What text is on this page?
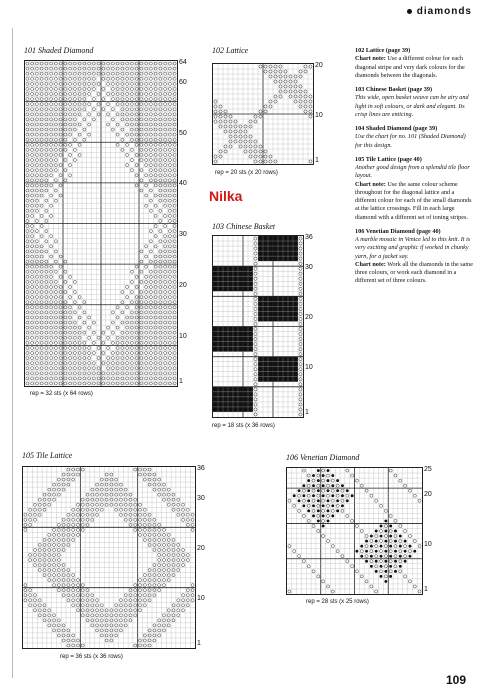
diamonds
101 Shaded Diamond
rep = 32 sts (x 64 rows)
102 Lattice
rep = 20 sts (x 20 rows)
Nilka
103 Chinese Basket
rep = 18 sts (x 36 rows)

102 Lattice (page 39)
Chart note: Use a different colour for each diagonal stripe and very dark colours for the diamonds between the diagonals.

103 Chinese Basket (page 39)
This wide, open basket weave can be airy and light in soft colours, or dark and elegant. Its crisp lines are enticing.

104 Shaded Diamond (page 39)
Use the chart for no. 101 (Shaded Diamond) for this design.

105 Tile Lattice (page 40)
Another good design from a splendid tile floor layout.
Chart note: Use the same colour scheme throughout for the diagonal lattice and a different colour for each of the small diamonds at the lattice crossings. Fill in each large diamond with a different set of toning stripes.

106 Venetian Diamond (page 40)
A marble mosaic in Venice led to this knit. It is very exciting and graphic if worked in chunky yarn, for a jacket say.
Chart note: Work all the diamonds in the same three colours, or work each diamond in a different set of three colours.

105 Tile Lattice
rep = 36 sts (x 36 rows)
106 Venetian Diamond
rep = 28 sts (x 25 rows)
109
64
60
50
40
30
20
10
1
20
10
1
36
30
20
10
1
36
30
20
10
1
25
20
10
1
